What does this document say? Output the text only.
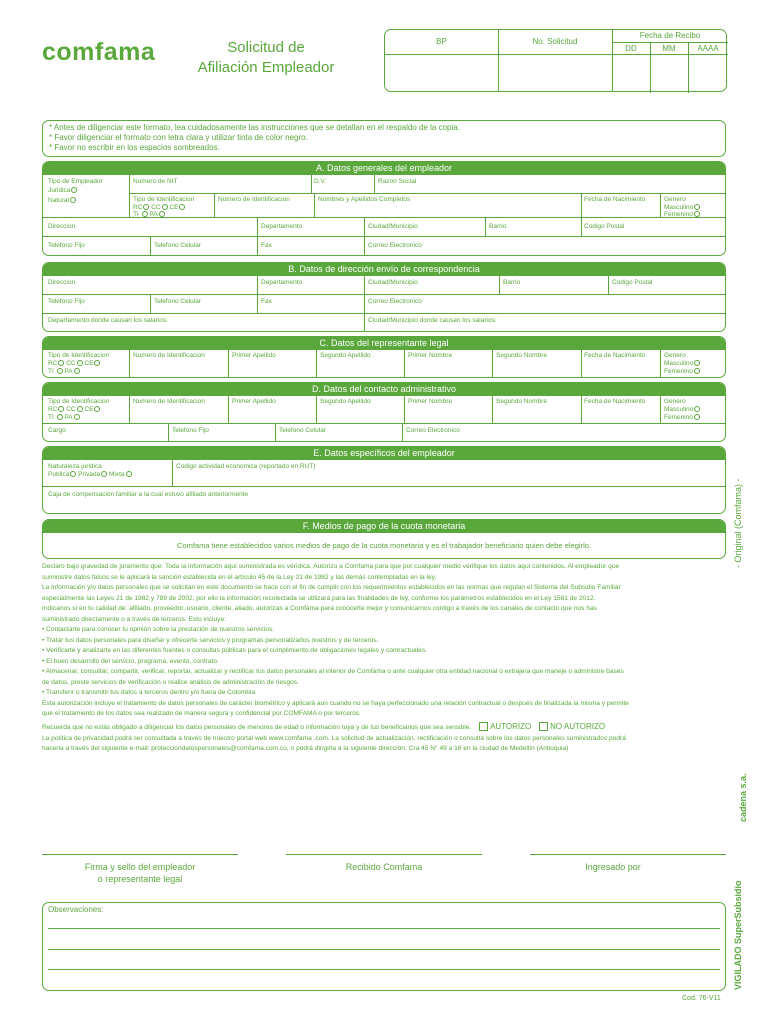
comfama	Solicitud de
Afiliación Empleador
BP	No. Solicitud
Fecha de Recibo
DD	MM	AAAA
* Antes de diligenciar este formato, lea cuidadosamente las instrucciones que se detallan en el respaldo de la copia.
* Favor diligenciar el formato con letra clara y utilizar tinta de color negro.
* Favor no escribir en los espacios sombreados.
A. Datos generales del empleador
Tipo de Empleador
Juridica
Natural
Numero de NIT	D.V.	Razon Social
Tipo de Identificacion
RC CC CE
TI PA
Numero de Identificacion	Nombres y Apellidos Completos	Fecha de Nacimiento	Genero
Masculino
Femenino
Direccion	Departamento	Ciudad/Municipio	Barrio	Codigo Postal
Telefono Fijo	Telefono Celular	Fax	Correo Electronico
B. Datos de dirección envío de correspondencia
Direccion	Departamento	Ciudad/Municipio	Barrio	Codigo Postal
Telefono Fijo	Telefono Celular	Fax	Correo Electronico
Departamento donde causan los salarios:	Ciudad/Municipio donde causan los salarios:
C. Datos del representante legal
Tipo de Identificacion
RC CC CE
TI PA
Numero de Identificacion	Primer Apellido	Segundo Apellido	Primer Nombre	Segundo Nombre	Fecha de Nacimiento	Genero
Masculino
Femenino
D. Datos del contacto administrativo
Tipo de Identificacion
RC CC CE
TI PA
Numero de Identificacion	Primer Apellido	Segundo Apellido	Primer Nombre	Segundo Nombre	Fecha de Nacimiento	Genero
Masculino
Femenino
Cargo	Telefono Fijo	Telefono Celular	Correo Electronico
E. Datos específicos del empleador
Naturaleza juridica
Publica Privada Mixta
Codigo actividad economica (reportado en RUT)
Caja de compensación familiar a la cual estuvo afiliado anteriormente
F. Medios de pago de la cuota monetaria
Comfama tiene establecidos varios medios de pago de la cuota monetaria y es el trabajador beneficiario quien debe elegirlo.

Declaro bajo gravedad de juramento que: Toda la información aquí suministrada es verídica. Autorizo a Comfama para que por cualquier medio verifique los datos aquí contenidos. Al empleador que

suministre datos falsos se le aplicará la sanción establecida en el artículo 45 de la Ley 21 de 1982 y las demás contempladas en la ley.

La información y/o datos personales que se solicitan en este documento se hace con el fin de cumplir con los requerimientos establecidos en las normas que regulan el Sistema del Subsidio Familiar

especialmente las Leyes 21 de 1982 y 789 de 2002, por ello la información recolectada se utilizará para las finalidades de ley, conforme los parámetros establecidos en el Ley 1581 de 2012.

Indícanos si en tu calidad de: afiliado, proveedor, usuario, cliente, aliado, autorizas a Comfama para conocerte mejor y comunicarnos contigo a través de los canales de contacto que nos has

suministrado directamente o a través de terceros. Esto incluye:

• Contactarte para conocer tu opinión sobre la prestación de nuestros servicios.

• Tratar tus datos personales para diseñar y ofrecerte servicios y programas personalizados nuestros y de terceros.

• Verificarte y analizarte en las diferentes fuentes o consultas públicas para el cumplimiento de obligaciones legales y contractuales.

• El buen desarrollo del servicio, programa, evento, contrato.

• Almacenar, consultar, compartir, verificar, reportar, actualizar y rectificar tus datos personales al interior de Comfama o ante cualquier otra entidad nacional o extrajera que maneje o administre bases

de datos, preste servicios de verificación o realice análisis de administración de riesgos.

• Transferir o transmitir tus datos a terceros dentro y/o fuera de Colombia.

Esta autorización incluye el tratamiento de datos personales de carácter biométrico y aplicará aun cuando no se haya perfeccionado una relación contractual o después de finalizada la misma y permite

que el tratamiento de los datos sea realizado de manera segura y confidencial por COMFAMA o por terceros.

Recuerda que no estás obligado a diligenciar los datos personales de menores de edad o información tuya y de tus beneficiarios que sea sensible. AUTORIZO NO AUTORIZO

La política de privacidad podrá ser consultada a través de nuestro portal web www.comfama .com. La solicitud de actualización, rectificación o consulta sobre los datos personales suministrados podrá

hacerla a través del siguiente e-mail: protecciondatospersonales@comfama.com.co, o podrá dirigirla a la siguiente dirección: Cra 45 N° 49 a 16 en la ciudad de Medellín (Antioquia)

Firma y sello del empleador
o representante legal
Recibido Comfama	Ingresado por
Observaciones:
- Original (Comfama) -
cadena s.a.
VIGILADO SuperSubsidio
Cod. 76-V11
